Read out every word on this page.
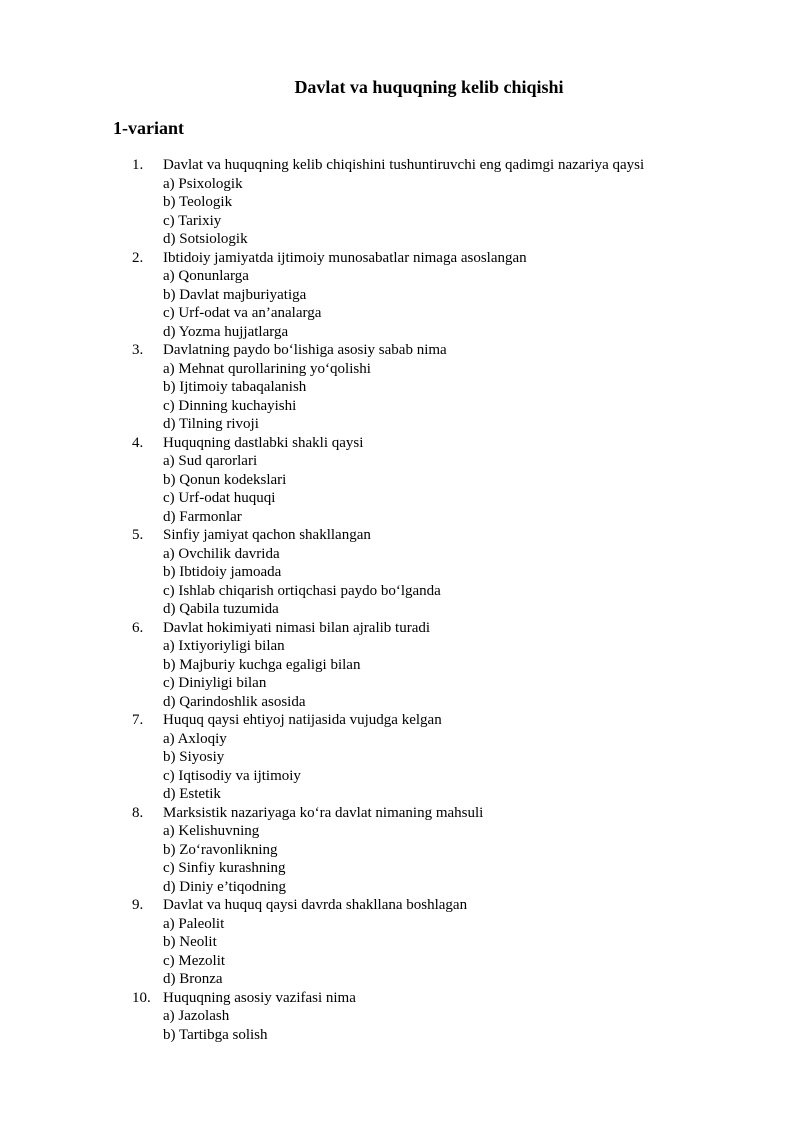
Davlat va huquqning kelib chiqishi
1-variant
1.	Davlat va huquqning kelib chiqishini tushuntiruvchi eng qadimgi nazariya qaysi
a) Psixologik
b) Teologik
c) Tarixiy
d) Sotsiologik
2.	Ibtidoiy jamiyatda ijtimoiy munosabatlar nimaga asoslangan
a) Qonunlarga
b) Davlat majburiyatiga
c) Urf-odat va an’analarga
d) Yozma hujjatlarga
3.	Davlatning paydo bo‘lishiga asosiy sabab nima
a) Mehnat qurollarining yo‘qolishi
b) Ijtimoiy tabaqalanish
c) Dinning kuchayishi
d) Tilning rivoji
4.	Huquqning dastlabki shakli qaysi
a) Sud qarorlari
b) Qonun kodekslari
c) Urf-odat huquqi
d) Farmonlar
5.	Sinfiy jamiyat qachon shakllangan
a) Ovchilik davrida
b) Ibtidoiy jamoada
c) Ishlab chiqarish ortiqchasi paydo bo‘lganda
d) Qabila tuzumida
6.	Davlat hokimiyati nimasi bilan ajralib turadi
a) Ixtiyoriyligi bilan
b) Majburiy kuchga egaligi bilan
c) Diniyligi bilan
d) Qarindoshlik asosida
7.	Huquq qaysi ehtiyoj natijasida vujudga kelgan
a) Axloqiy
b) Siyosiy
c) Iqtisodiy va ijtimoiy
d) Estetik
8.	Marksistik nazariyaga ko‘ra davlat nimaning mahsuli
a) Kelishuvning
b) Zo‘ravonlikning
c) Sinfiy kurashning
d) Diniy e’tiqodning
9.	Davlat va huquq qaysi davrda shakllana boshlagan
a) Paleolit
b) Neolit
c) Mezolit
d) Bronza
10. Huquqning asosiy vazifasi nima
a) Jazolash
b) Tartibga solish
